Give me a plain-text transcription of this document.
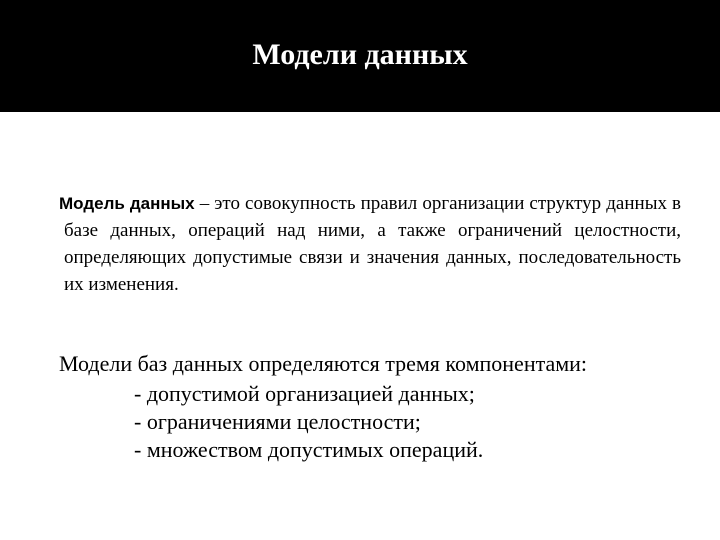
Модели данных

Модель данных – это совокупность правил организации структур данных в базе данных, операций над ними, а также ограничений целостности, определяющих допустимые связи и значения данных, последовательность их изменения.

Модели баз данных определяются тремя компонентами:
- допустимой организацией данных;
- ограничениями целостности;
- множеством допустимых операций.
